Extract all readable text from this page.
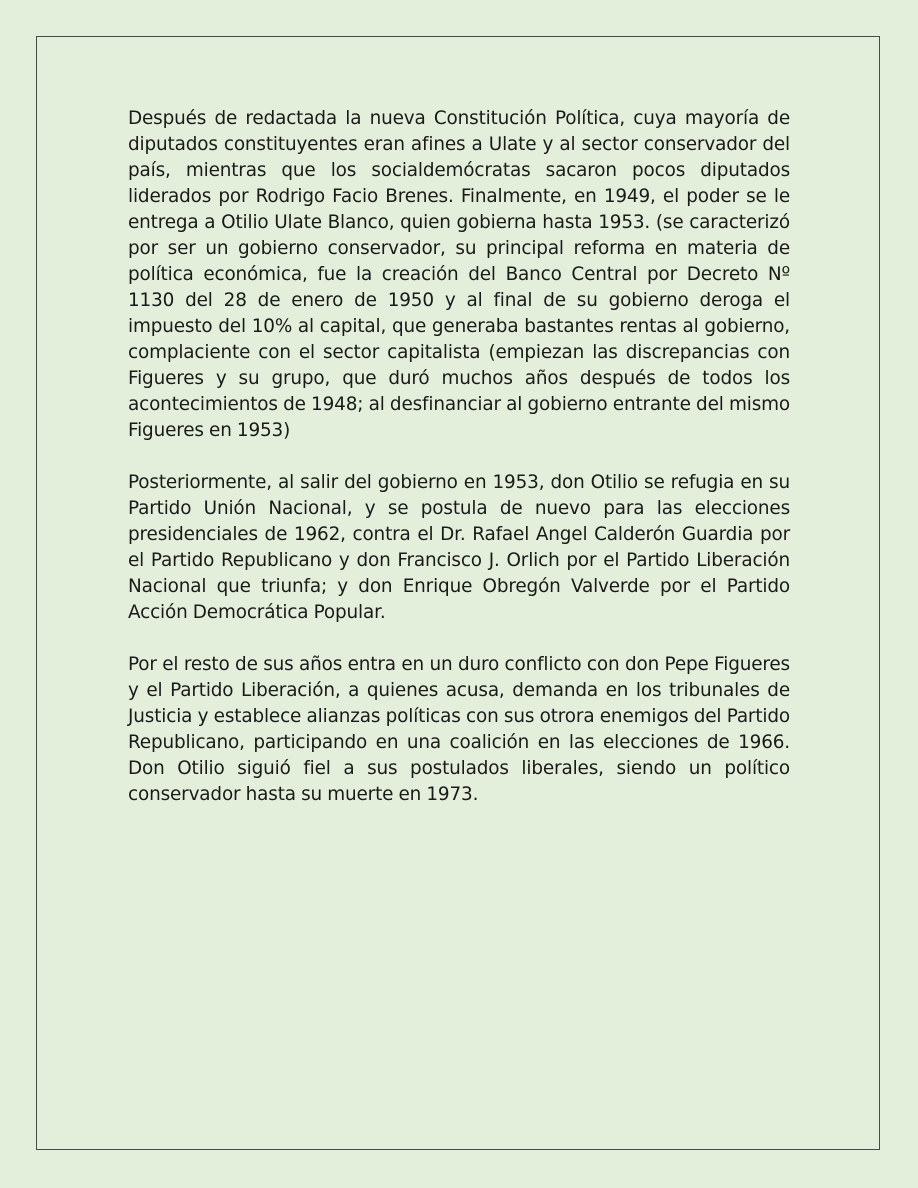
Después de redactada la nueva Constitución Política, cuya mayoría de diputados constituyentes eran afines a Ulate y al sector conservador del país, mientras que los socialdemócratas sacaron pocos diputados liderados por Rodrigo Facio Brenes. Finalmente, en 1949, el poder se le entrega a Otilio Ulate Blanco, quien gobierna hasta 1953. (se caracterizó por ser un gobierno conservador, su principal reforma en materia de política económica, fue la creación del Banco Central por Decreto Nº 1130 del 28 de enero de 1950 y al final de su gobierno deroga el impuesto del 10% al capital, que generaba bastantes rentas al gobierno, complaciente con el sector capitalista (empiezan las discrepancias con Figueres y su grupo, que duró muchos años después de todos los acontecimientos de 1948; al desfinanciar al gobierno entrante del mismo Figueres en 1953)

Posteriormente, al salir del gobierno en 1953, don Otilio se refugia en su Partido Unión Nacional, y se postula de nuevo para las elecciones presidenciales de 1962, contra el Dr. Rafael Angel Calderón Guardia por el Partido Republicano y don Francisco J. Orlich por el Partido Liberación Nacional que triunfa; y don Enrique Obregón Valverde por el Partido Acción Democrática Popular.

Por el resto de sus años entra en un duro conflicto con don Pepe Figueres y el Partido Liberación, a quienes acusa, demanda en los tribunales de Justicia y establece alianzas políticas con sus otrora enemigos del Partido Republicano, participando en una coalición en las elecciones de 1966. Don Otilio siguió fiel a sus postulados liberales, siendo un político conservador hasta su muerte en 1973.
